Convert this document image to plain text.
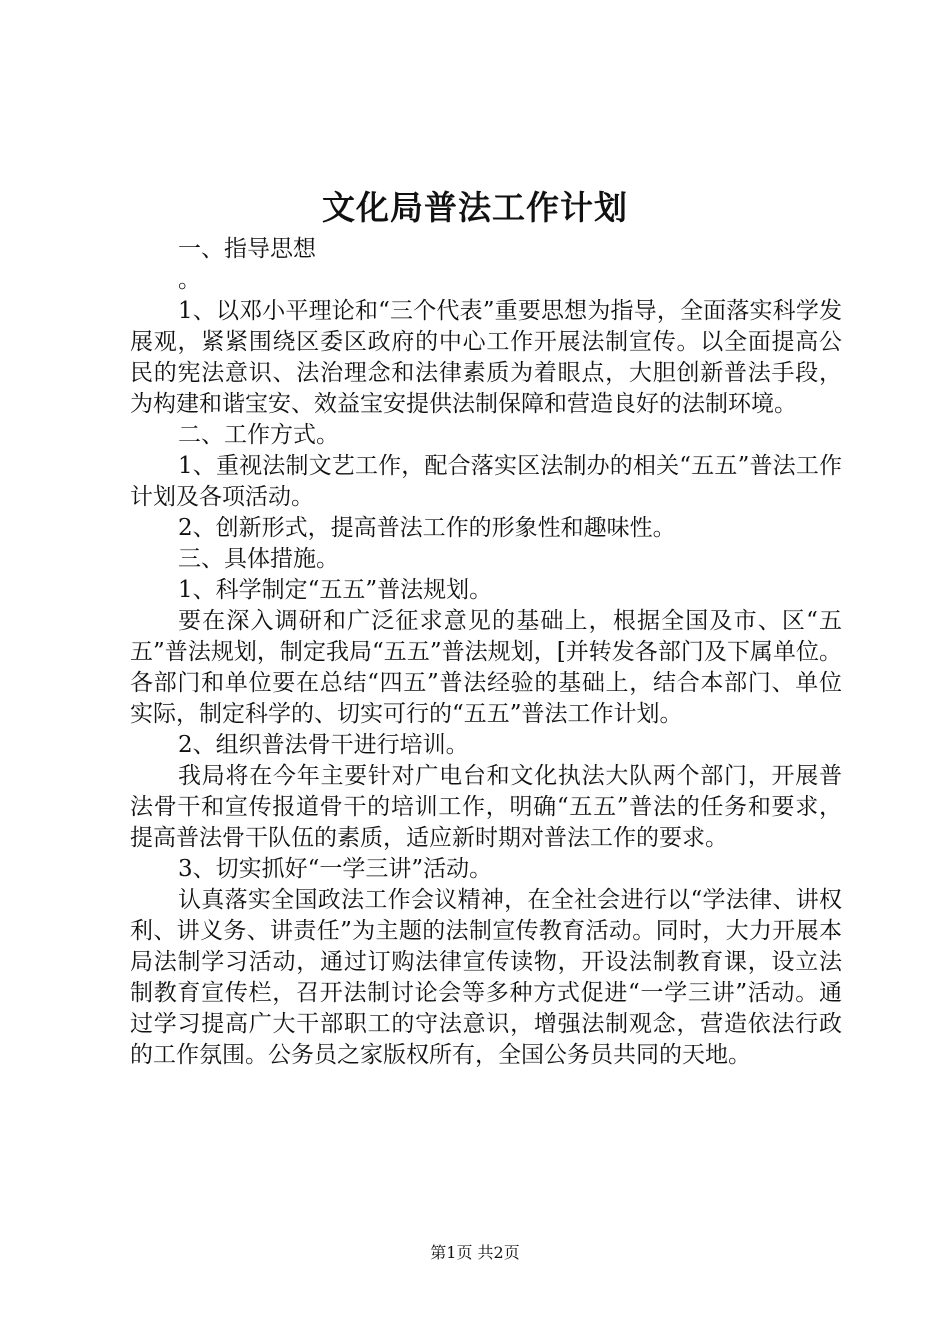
文化局普法工作计划

一、指导思想

。

1、以邓小平理论和“三个代表”重要思想为指导，全面落实科学发展观，紧紧围绕区委区政府的中心工作开展法制宣传。以全面提高公民的宪法意识、法治理念和法律素质为着眼点，大胆创新普法手段，为构建和谐宝安、效益宝安提供法制保障和营造良好的法制环境。

二、工作方式。

1、重视法制文艺工作，配合落实区法制办的相关“五五”普法工作计划及各项活动。

2、创新形式，提高普法工作的形象性和趣味性。

三、具体措施。

1、科学制定“五五”普法规划。

要在深入调研和广泛征求意见的基础上，根据全国及市、区“五五”普法规划，制定我局“五五”普法规划，[并转发各部门及下属单位。各部门和单位要在总结“四五”普法经验的基础上，结合本部门、单位实际，制定科学的、切实可行的“五五”普法工作计划。

2、组织普法骨干进行培训。

我局将在今年主要针对广电台和文化执法大队两个部门，开展普法骨干和宣传报道骨干的培训工作，明确“五五”普法的任务和要求，提高普法骨干队伍的素质，适应新时期对普法工作的要求。

3、切实抓好“一学三讲”活动。

认真落实全国政法工作会议精神，在全社会进行以“学法律、讲权利、讲义务、讲责任”为主题的法制宣传教育活动。同时，大力开展本局法制学习活动，通过订购法律宣传读物，开设法制教育课，设立法制教育宣传栏，召开法制讨论会等多种方式促进“一学三讲”活动。通过学习提高广大干部职工的守法意识，增强法制观念，营造依法行政的工作氛围。公务员之家版权所有，全国公务员共同的天地。

第1页 共2页
